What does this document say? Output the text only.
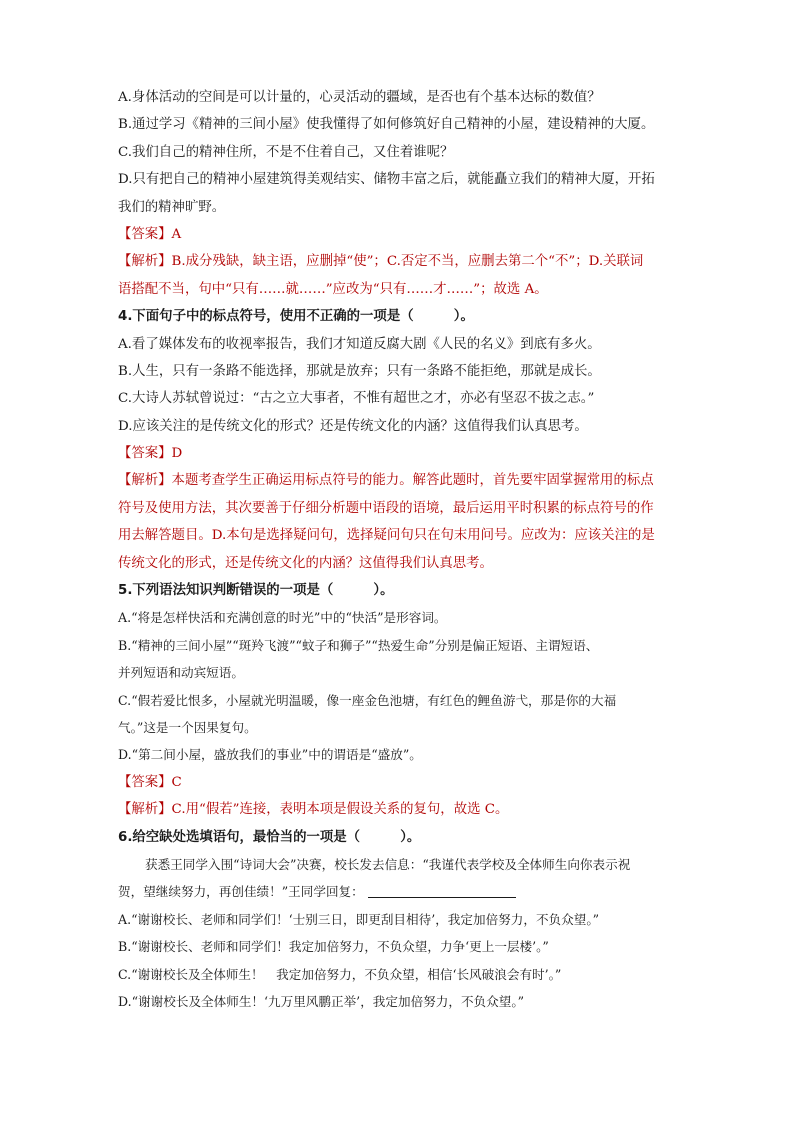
A.身体活动的空间是可以计量的，心灵活动的疆域，是否也有个基本达标的数值？
B.通过学习《精神的三间小屋》使我懂得了如何修筑好自己精神的小屋，建设精神的大厦。
C.我们自己的精神住所，不是不住着自己，又住着谁呢？
D.只有把自己的精神小屋建筑得美观结实、储物丰富之后，就能矗立我们的精神大厦，开拓
我们的精神旷野。
【答案】A
【解析】B.成分残缺，缺主语，应删掉“使”；C.否定不当，应删去第二个“不”；D.关联词
语搭配不当，句中“只有……就……”应改为“只有……才……”；故选 A。
4.下面句子中的标点符号，使用不正确的一项是（　　　）。
A.看了媒体发布的收视率报告，我们才知道反腐大剧《人民的名义》到底有多火。
B.人生，只有一条路不能选择，那就是放弃；只有一条路不能拒绝，那就是成长。
C.大诗人苏轼曾说过：“古之立大事者，不惟有超世之才，亦必有坚忍不拔之志。”
D.应该关注的是传统文化的形式？还是传统文化的内涵？这值得我们认真思考。
【答案】D
【解析】本题考查学生正确运用标点符号的能力。解答此题时，首先要牢固掌握常用的标点
符号及使用方法，其次要善于仔细分析题中语段的语境，最后运用平时积累的标点符号的作
用去解答题目。D.本句是选择疑问句，选择疑问句只在句末用问号。应改为：应该关注的是
传统文化的形式，还是传统文化的内涵？这值得我们认真思考。
5.下列语法知识判断错误的一项是（　　　）。
A.“将是怎样快活和充满创意的时光”中的“快活”是形容词。
B.“精神的三间小屋”“斑羚飞渡”“蚊子和狮子”“热爱生命”分别是偏正短语、主谓短语、
并列短语和动宾短语。
C.“假若爱比恨多，小屋就光明温暖，像一座金色池塘，有红色的鲤鱼游弋，那是你的大福
气。”这是一个因果复句。
D.“第二间小屋，盛放我们的事业”中的谓语是“盛放”。
【答案】C
【解析】C.用“假若”连接，表明本项是假设关系的复句，故选 C。
6.给空缺处选填语句，最恰当的一项是（　　　）。
获悉王同学入围“诗词大会”决赛，校长发去信息：“我谨代表学校及全体师生向你表示祝
贺，望继续努力，再创佳绩！”王同学回复：
A.“谢谢校长、老师和同学们！‘士别三日，即更刮目相待’，我定加倍努力，不负众望。”
B.“谢谢校长、老师和同学们！我定加倍努力，不负众望，力争‘更上一层楼’。”
C.“谢谢校长及全体师生！　我定加倍努力，不负众望，相信‘长风破浪会有时’。”
D.“谢谢校长及全体师生！‘九万里风鹏正举’，我定加倍努力，不负众望。”
